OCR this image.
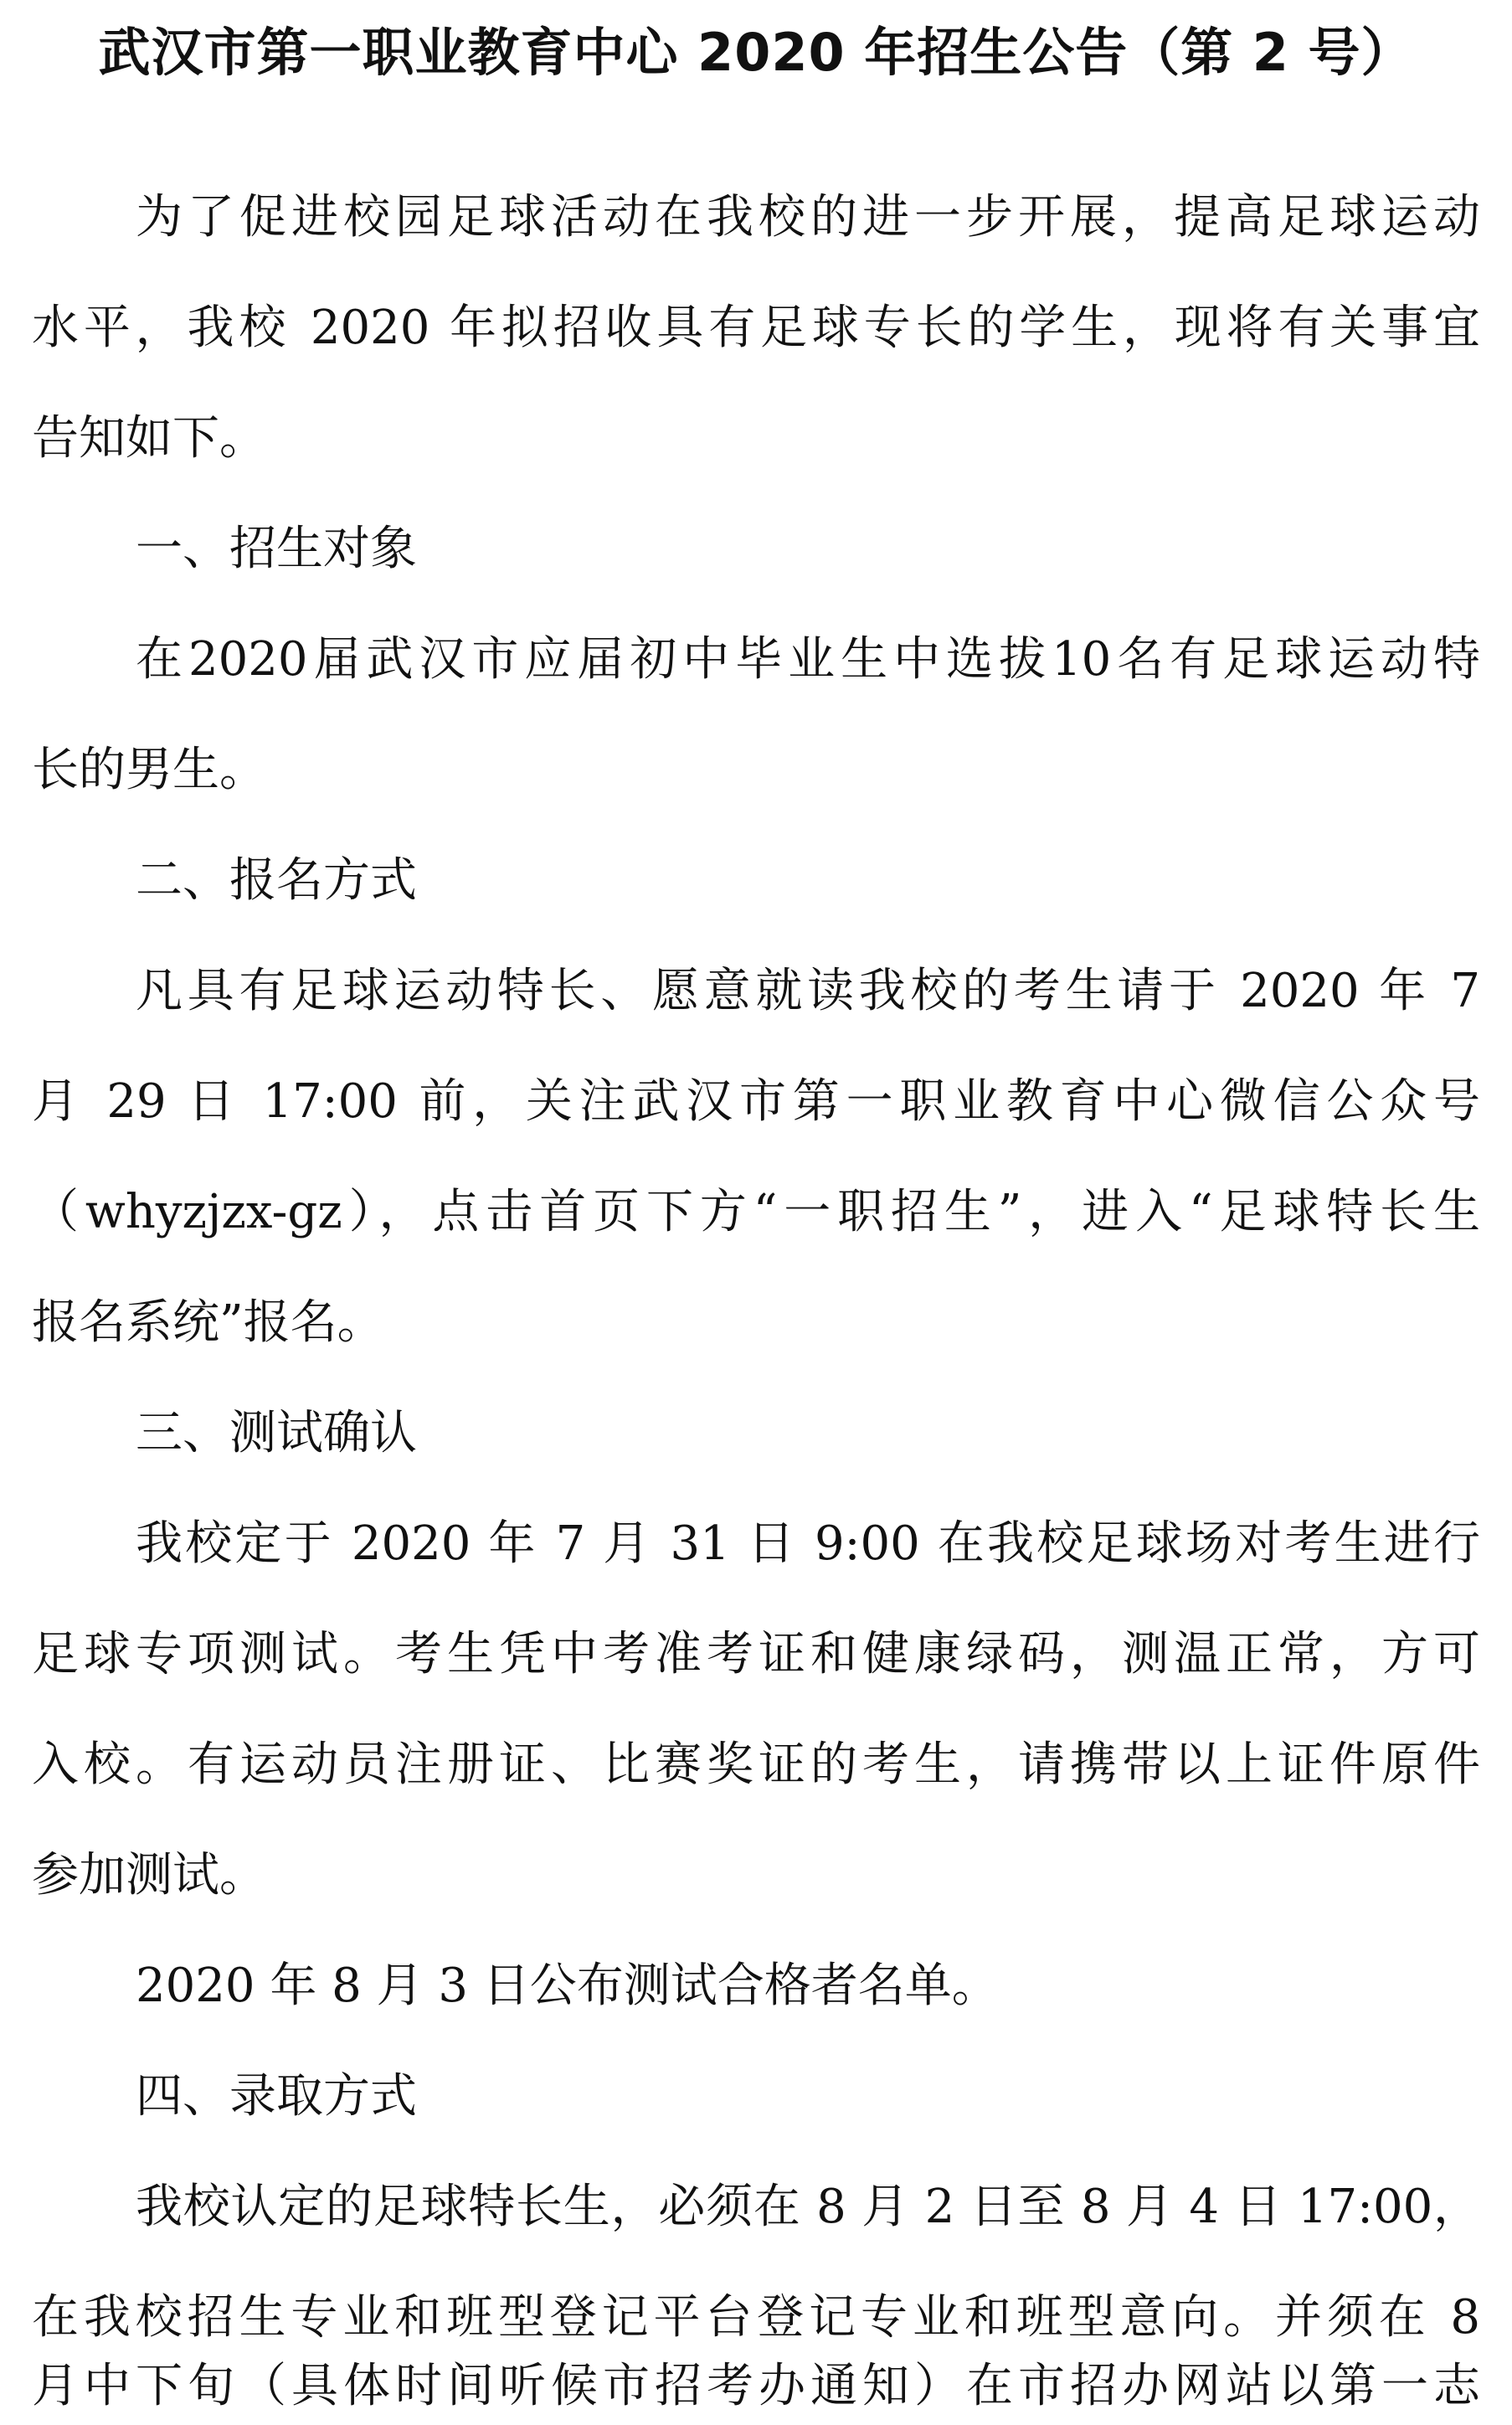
武汉市第一职业教育中心 2020 年招生公告（第 2 号）
为了促进校园足球活动在我校的进一步开展，提高足球运动
水平，我校 2020 年拟招收具有足球专长的学生，现将有关事宜
告知如下。
一、招生对象
在2020届武汉市应届初中毕业生中选拔10名有足球运动特
长的男生。
二、报名方式
凡具有足球运动特长、愿意就读我校的考生请于 2020 年 7
月 29 日 17:00 前，关注武汉市第一职业教育中心微信公众号
（whyzjzx-gz），点击首页下方“一职招生”，进入“足球特长生
报名系统”报名。
三、测试确认
我校定于 2020 年 7 月 31 日 9:00 在我校足球场对考生进行
足球专项测试。考生凭中考准考证和健康绿码，测温正常，方可
入校。有运动员注册证、比赛奖证的考生，请携带以上证件原件
参加测试。
2020 年 8 月 3 日公布测试合格者名单。
四、录取方式
我校认定的足球特长生，必须在 8 月 2 日至 8 月 4 日 17:00，
在我校招生专业和班型登记平台登记专业和班型意向。并须在 8
月中下旬（具体时间听候市招考办通知）在市招办网站以第一志
